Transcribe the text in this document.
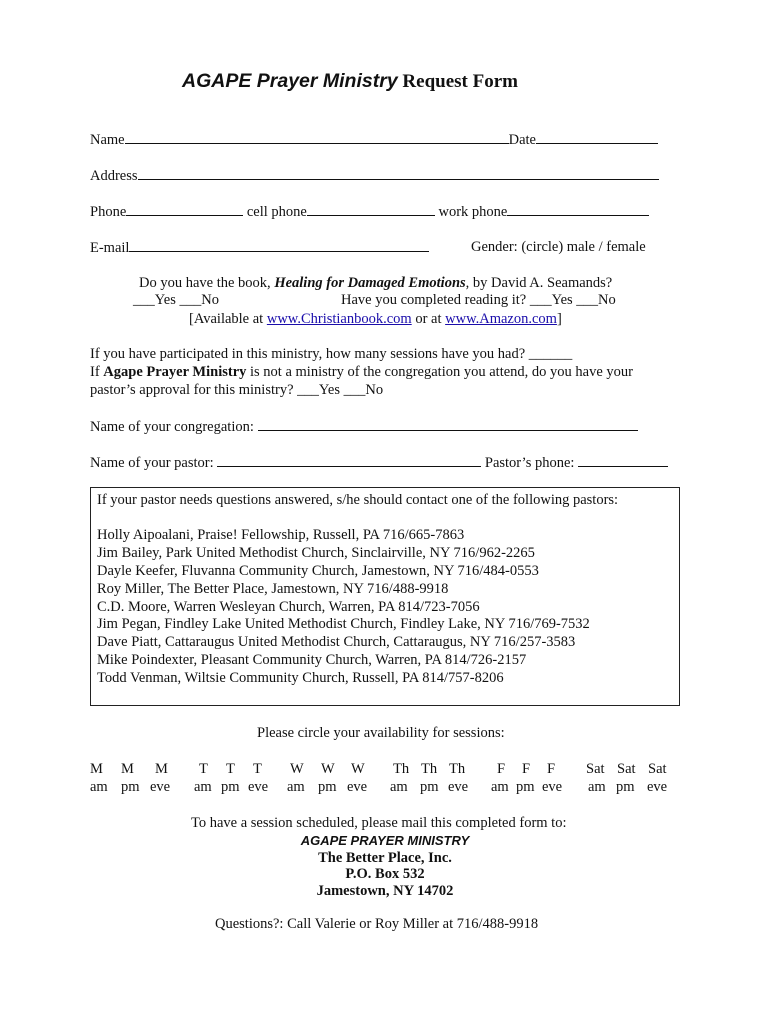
AGAPE Prayer Ministry Request Form
Name	Date
Address
Phone	cell phone	work phone
E-mail	Gender: (circle) male / female
Do you have the book, Healing for Damaged Emotions, by David A. Seamands?
___Yes ___No	Have you completed reading it? ___Yes ___No
[Available at www.Christianbook.com or at www.Amazon.com]
If you have participated in this ministry, how many sessions have you had? ______
If Agape Prayer Ministry is not a ministry of the congregation you attend, do you have your
pastor’s approval for this ministry? ___Yes ___No
Name of your congregation:
Name of your pastor:	Pastor’s phone:
If your pastor needs questions answered, s/he should contact one of the following pastors:
Holly Aipoalani, Praise! Fellowship, Russell, PA 716/665-7863
Jim Bailey, Park United Methodist Church, Sinclairville, NY 716/962-2265
Dayle Keefer, Fluvanna Community Church, Jamestown, NY 716/484-0553
Roy Miller, The Better Place, Jamestown, NY 716/488-9918
C.D. Moore, Warren Wesleyan Church, Warren, PA 814/723-7056
Jim Pegan, Findley Lake United Methodist Church, Findley Lake, NY 716/769-7532
Dave Piatt, Cattaraugus United Methodist Church, Cattaraugus, NY 716/257-3583
Mike Poindexter, Pleasant Community Church, Warren, PA 814/726-2157
Todd Venman, Wiltsie Community Church, Russell, PA 814/757-8206
Please circle your availability for sessions:
M M M
am pm eve
T T T
am pm eve
W W W
am pm eve
Th Th Th
am pm eve
F F F
am pm eve
Sat Sat Sat
am pm eve
To have a session scheduled, please mail this completed form to:
AGAPE PRAYER MINISTRY
The Better Place, Inc.
P.O. Box 532
Jamestown, NY 14702
Questions?: Call Valerie or Roy Miller at 716/488-9918
